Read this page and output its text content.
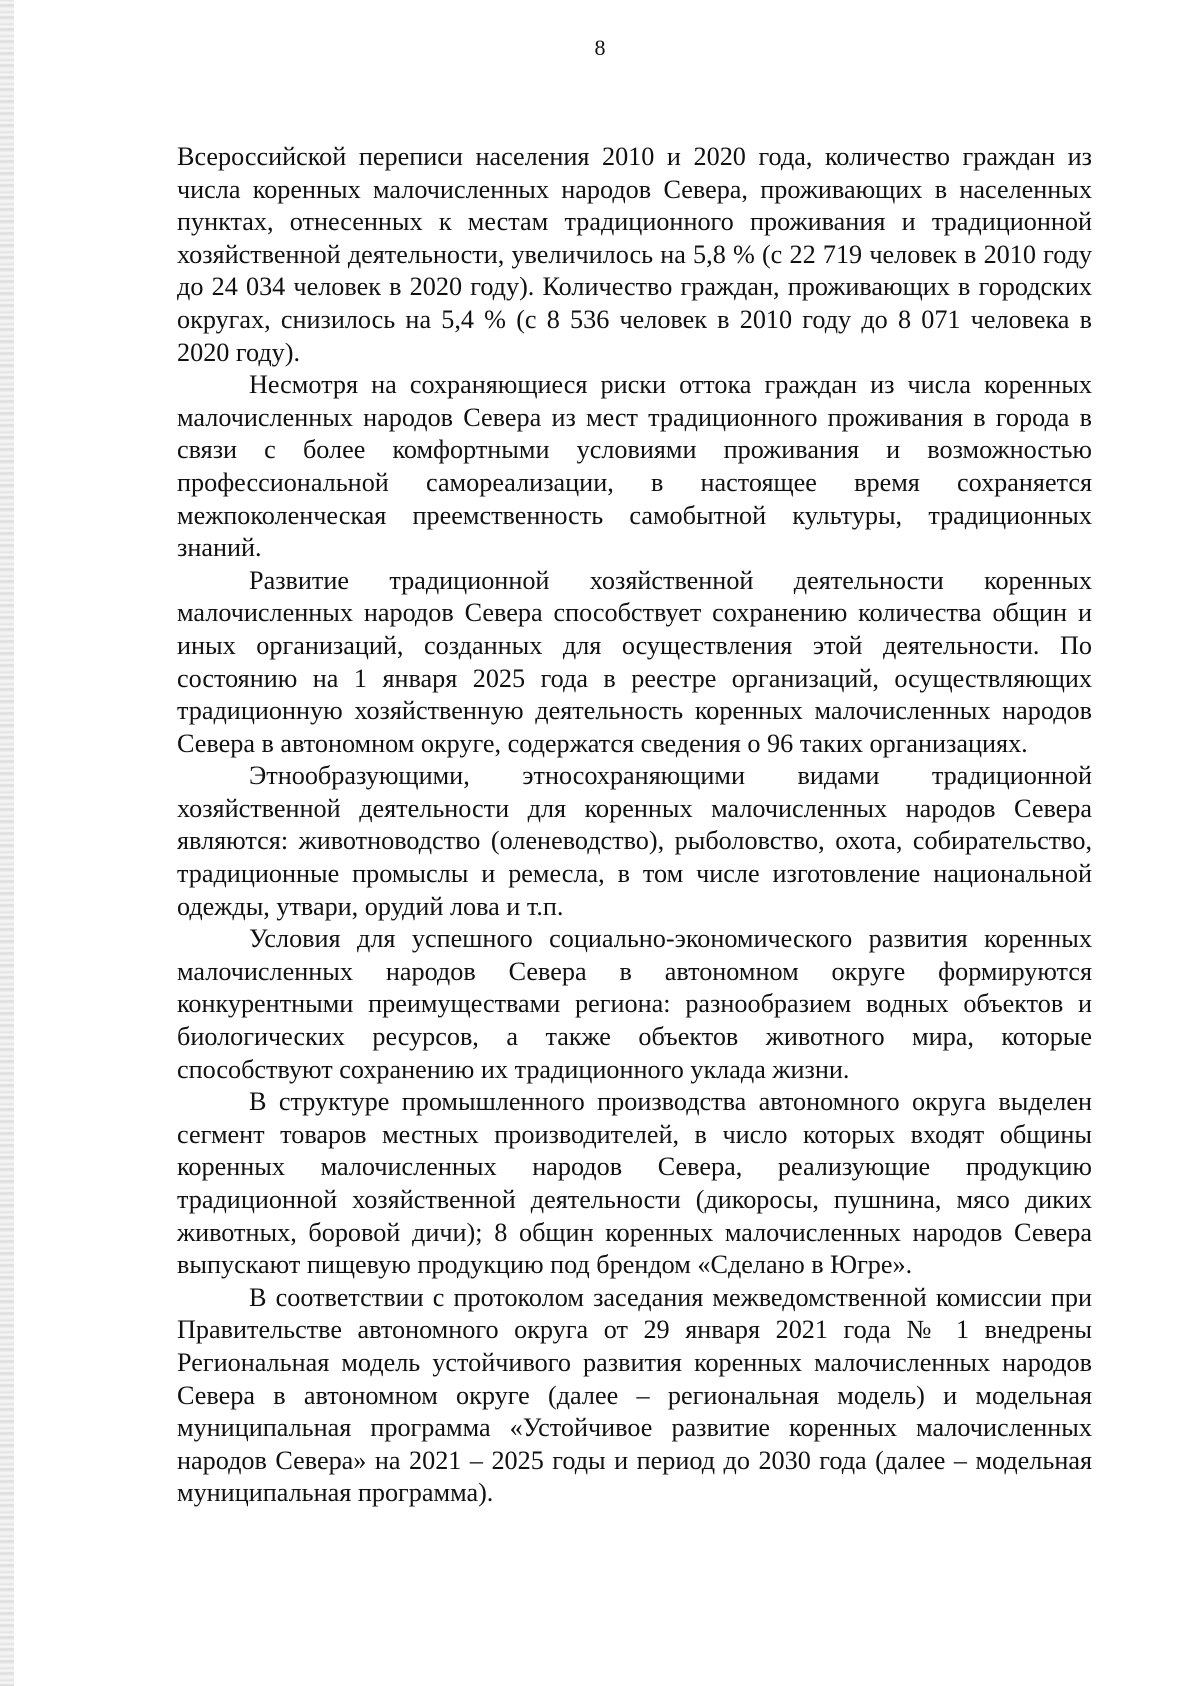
8

Всероссийской переписи населения 2010 и 2020 года, количество граждан из числа коренных малочисленных народов Севера, проживающих в населенных пунктах, отнесенных к местам традиционного проживания и традиционной хозяйственной деятельности, увеличилось на 5,8 % (с 22 719 человек в 2010 году до 24 034 человек в 2020 году). Количество граждан, проживающих в городских округах, снизилось на 5,4 % (с 8 536 человек в 2010 году до 8 071 человека в 2020 году).

Несмотря на сохраняющиеся риски оттока граждан из числа коренных малочисленных народов Севера из мест традиционного проживания в города в связи с более комфортными условиями проживания и возможностью профессиональной самореализации, в настоящее время сохраняется межпоколенческая преемственность самобытной культуры, традиционных знаний.

Развитие традиционной хозяйственной деятельности коренных малочисленных народов Севера способствует сохранению количества общин и иных организаций, созданных для осуществления этой деятельности. По состоянию на 1 января 2025 года в реестре организаций, осуществляющих традиционную хозяйственную деятельность коренных малочисленных народов Севера в автономном округе, содержатся сведения о 96 таких организациях.

Этнообразующими, этносохраняющими видами традиционной хозяйственной деятельности для коренных малочисленных народов Севера являются: животноводство (оленеводство), рыболовство, охота, собирательство, традиционные промыслы и ремесла, в том числе изготовление национальной одежды, утвари, орудий лова и т.п.

Условия для успешного социально-экономического развития коренных малочисленных народов Севера в автономном округе формируются конкурентными преимуществами региона: разнообразием водных объектов и биологических ресурсов, а также объектов животного мира, которые способствуют сохранению их традиционного уклада жизни.

В структуре промышленного производства автономного округа выделен сегмент товаров местных производителей, в число которых входят общины коренных малочисленных народов Севера, реализующие продукцию традиционной хозяйственной деятельности (дикоросы, пушнина, мясо диких животных, боровой дичи); 8 общин коренных малочисленных народов Севера выпускают пищевую продукцию под брендом «Сделано в Югре».

В соответствии с протоколом заседания межведомственной комиссии при Правительстве автономного округа от 29 января 2021 года № 1 внедрены Региональная модель устойчивого развития коренных малочисленных народов Севера в автономном округе (далее – региональная модель) и модельная муниципальная программа «Устойчивое развитие коренных малочисленных народов Севера» на 2021 – 2025 годы и период до 2030 года (далее – модельная муниципальная программа).
